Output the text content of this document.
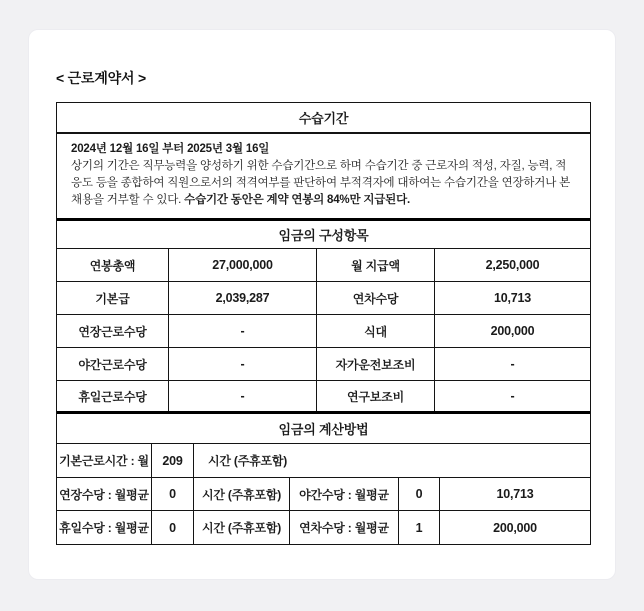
< 근로계약서 >
수습기간
2024년 12월 16일 부터 2025년 3월 16일
상기의 기간은 직무능력을 양성하기 위한 수습기간으로 하며 수습기간 중 근로자의 적성, 자질, 능력, 적응도 등을 종합하여 직원으로서의 적격여부를 판단하여 부적격자에 대하여는 수습기간을 연장하거나 본채용을 거부할 수 있다. 수습기간 동안은 계약 연봉의 84%만 지급된다.
임금의 구성항목
연봉총액	27,000,000	월 지급액	2,250,000
기본급	2,039,287	연차수당	10,713
연장근로수당	-	식대	200,000
야간근로수당	-	자가운전보조비	-
휴일근로수당	-	연구보조비	-
임금의 계산방법
기본근로시간 : 월	209	시간 (주휴포함)
연장수당 : 월평균	0	시간 (주휴포함)	야간수당 : 월평균	0	10,713
휴일수당 : 월평균	0	시간 (주휴포함)	연차수당 : 월평균	1	200,000
